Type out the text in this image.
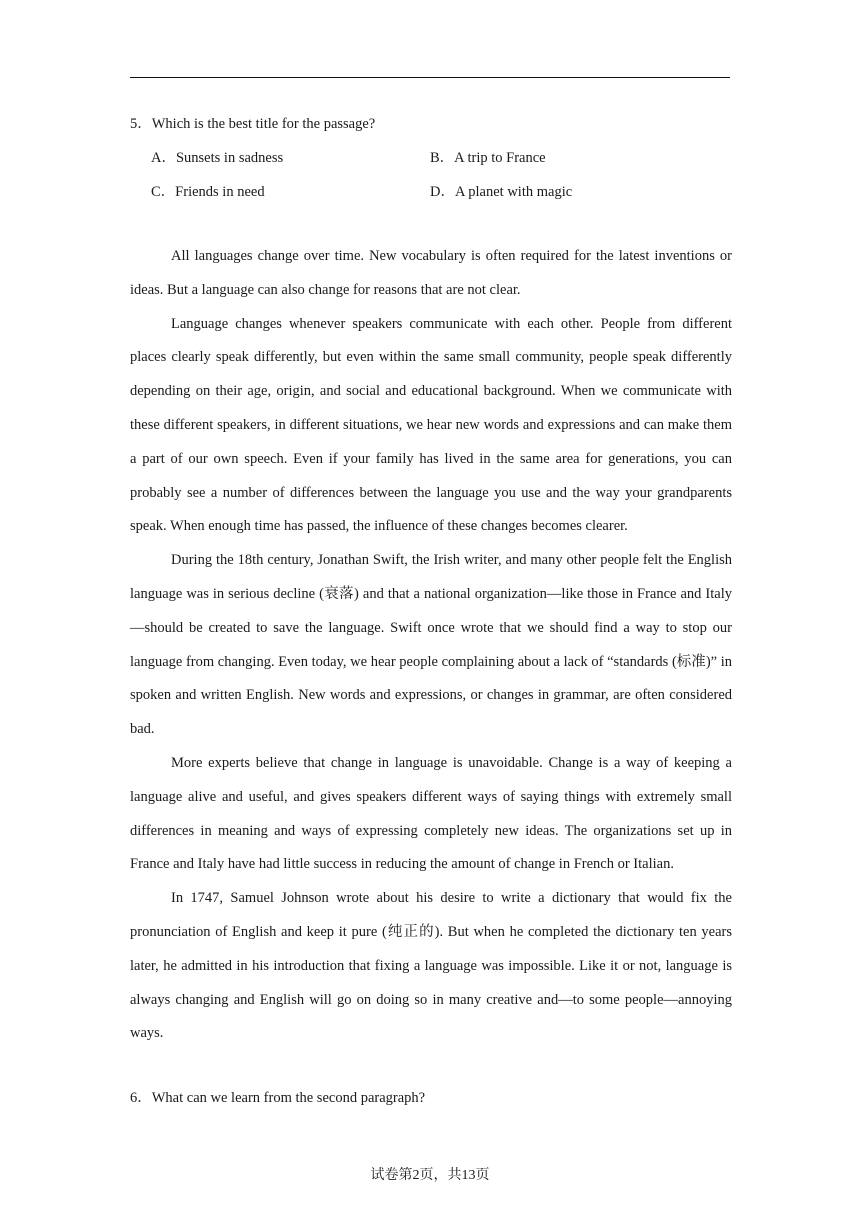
5．Which is the best title for the passage?
A．Sunsets in sadness	B．A trip to France
C．Friends in need	D．A planet with magic

All languages change over time. New vocabulary is often required for the latest inventions or ideas. But a language can also change for reasons that are not clear.

Language changes whenever speakers communicate with each other. People from different places clearly speak differently, but even within the same small community, people speak differently depending on their age, origin, and social and educational background. When we communicate with these different speakers, in different situations, we hear new words and expressions and can make them a part of our own speech. Even if your family has lived in the same area for generations, you can probably see a number of differences between the language you use and the way your grandparents speak. When enough time has passed, the influence of these changes becomes clearer.

During the 18th century, Jonathan Swift, the Irish writer, and many other people felt the English language was in serious decline (衰落) and that a national organization—like those in France and Italy—should be created to save the language. Swift once wrote that we should find a way to stop our language from changing. Even today, we hear people complaining about a lack of “standards (标准)” in spoken and written English. New words and expressions, or changes in grammar, are often considered bad.

More experts believe that change in language is unavoidable. Change is a way of keeping a language alive and useful, and gives speakers different ways of saying things with extremely small differences in meaning and ways of expressing completely new ideas. The organizations set up in France and Italy have had little success in reducing the amount of change in French or Italian.

In 1747, Samuel Johnson wrote about his desire to write a dictionary that would fix the pronunciation of English and keep it pure (纯正的). But when he completed the dictionary ten years later, he admitted in his introduction that fixing a language was impossible. Like it or not, language is always changing and English will go on doing so in many creative and—to some people—annoying ways.

6．What can we learn from the second paragraph?
试卷第2页，共13页
